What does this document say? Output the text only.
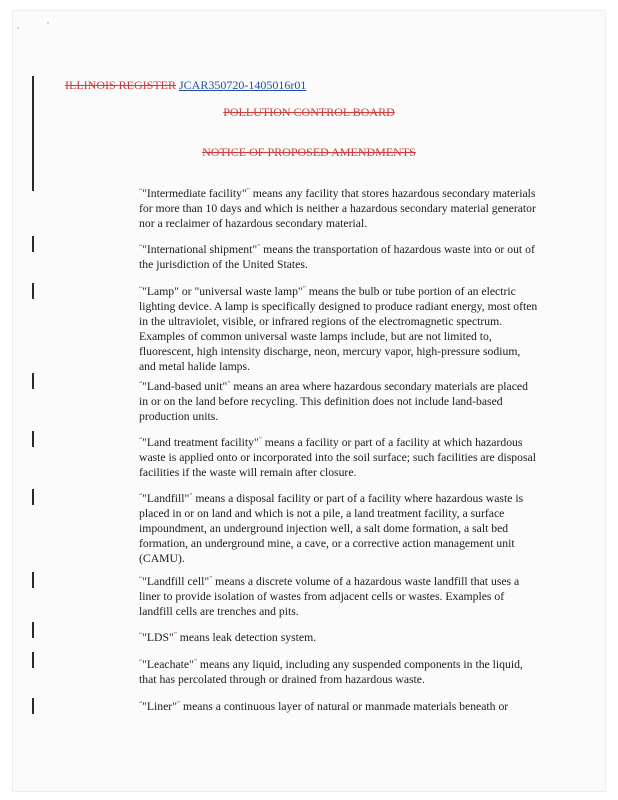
ILLINOIS REGISTER JCAR350720-1405016r01
POLLUTION CONTROL BOARD
NOTICE OF PROPOSED AMENDMENTS

“"Intermediate facility"” means any facility that stores hazardous secondary materials for more than 10 days and which is neither a hazardous secondary material generator nor a reclaimer of hazardous secondary material.

“"International shipment"” means the transportation of hazardous waste into or out of the jurisdiction of the United States.

“"Lamp" or "universal waste lamp"” means the bulb or tube portion of an electric lighting device. A lamp is specifically designed to produce radiant energy, most often in the ultraviolet, visible, or infrared regions of the electromagnetic spectrum. Examples of common universal waste lamps include, but are not limited to, fluorescent, high intensity discharge, neon, mercury vapor, high-pressure sodium, and metal halide lamps.

“"Land-based unit"” means an area where hazardous secondary materials are placed in or on the land before recycling. This definition does not include land-based production units.

“"Land treatment facility"” means a facility or part of a facility at which hazardous waste is applied onto or incorporated into the soil surface; such facilities are disposal facilities if the waste will remain after closure.

“"Landfill"” means a disposal facility or part of a facility where hazardous waste is placed in or on land and which is not a pile, a land treatment facility, a surface impoundment, an underground injection well, a salt dome formation, a salt bed formation, an underground mine, a cave, or a corrective action management unit (CAMU).

“"Landfill cell"” means a discrete volume of a hazardous waste landfill that uses a liner to provide isolation of wastes from adjacent cells or wastes. Examples of landfill cells are trenches and pits.

“"LDS"” means leak detection system.

“"Leachate"” means any liquid, including any suspended components in the liquid, that has percolated through or drained from hazardous waste.

“"Liner"” means a continuous layer of natural or manmade materials beneath or
